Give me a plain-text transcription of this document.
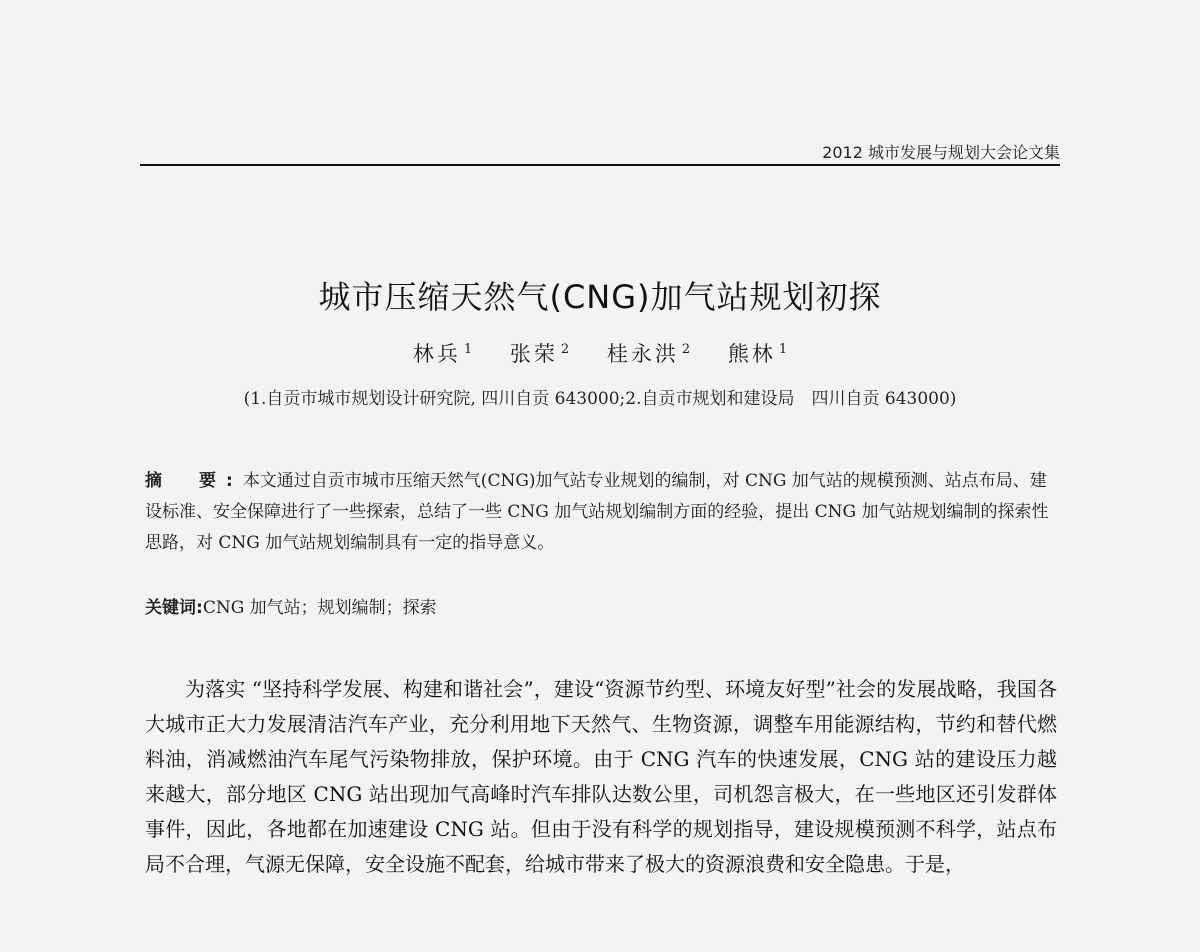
2012 城市发展与规划大会论文集
城市压缩天然气(CNG)加气站规划初探
林兵 $^1$ 张荣 $^2$ 桂永洪 $^2$ 熊林 $^1$
(1.自贡市城市规划设计研究院, 四川自贡 643000;2.自贡市规划和建设局　四川自贡 643000)
摘　要:本文通过自贡市城市压缩天然气(CNG)加气站专业规划的编制，对 CNG 加气站的规模预测、站点布局、建设标准、安全保障进行了一些探索，总结了一些 CNG 加气站规划编制方面的经验，提出 CNG 加气站规划编制的探索性思路，对 CNG 加气站规划编制具有一定的指导意义。
关键词:CNG 加气站；规划编制；探索

为落实 “坚持科学发展、构建和谐社会”，建设“资源节约型、环境友好型”社会的发展战略，我国各大城市正大力发展清洁汽车产业，充分利用地下天然气、生物资源，调整车用能源结构，节约和替代燃料油，消减燃油汽车尾气污染物排放，保护环境。由于 CNG 汽车的快速发展，CNG 站的建设压力越来越大，部分地区 CNG 站出现加气高峰时汽车排队达数公里，司机怨言极大，在一些地区还引发群体事件，因此，各地都在加速建设 CNG 站。但由于没有科学的规划指导，建设规模预测不科学，站点布局不合理，气源无保障，安全设施不配套，给城市带来了极大的资源浪费和安全隐患。于是，
